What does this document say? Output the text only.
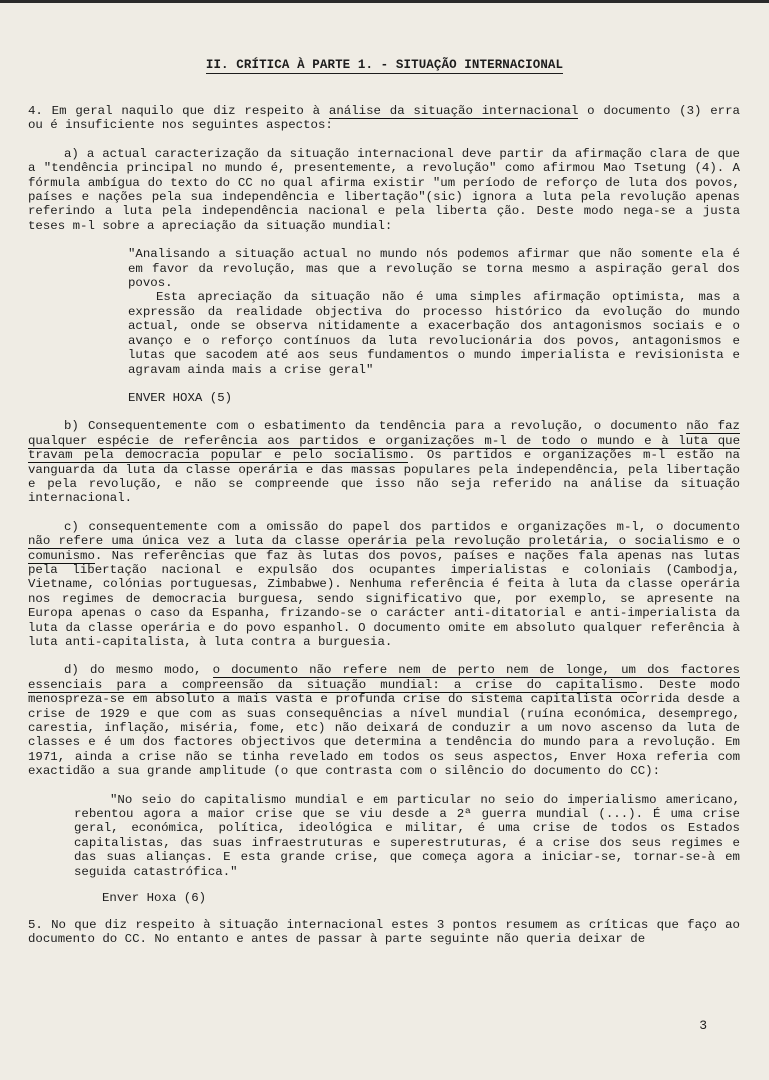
II. CRÍTICA À PARTE 1. - SITUAÇÃO INTERNACIONAL

4. Em geral naquilo que diz respeito à análise da situação internacional o documento (3) erra ou é insuficiente nos seguintes aspectos:

a) a actual caracterização da situação internacional deve partir da afirmação clara de que a "tendência principal no mundo é, presentemente, a revolução" como afirmou Mao Tsetung (4). A fórmula ambígua do texto do CC no qual afirma existir "um período de reforço de luta dos povos, países e nações pela sua independência e libertação"(sic) ignora a luta pela revolução apenas referindo a luta pela independência nacional e pela liberta ção. Deste modo nega-se a justa teses m-l sobre a apreciação da situação mundial:

"Analisando a situação actual no mundo nós podemos afirmar que não somente ela é em favor da revolução, mas que a revolução se torna mesmo a aspiração geral dos povos.

Esta apreciação da situação não é uma simples afirmação optimista, mas a expressão da realidade objectiva do processo histórico da evolução do mundo actual, onde se observa nitidamente a exacerbação dos antagonismos sociais e o avanço e o reforço contínuos da luta revolucionária dos povos, antagonismos e lutas que sacodem até aos seus fundamentos o mundo imperialista e revisionista e agravam ainda mais a crise geral"

ENVER HOXA (5)

b) Consequentemente com o esbatimento da tendência para a revolução, o documento não faz qualquer espécie de referência aos partidos e organizações m-l de todo o mundo e à luta que travam pela democracia popular e pelo socialismo. Os partidos e organizações m-l estão na vanguarda da luta da classe operária e das massas populares pela independência, pela libertação e pela revolução, e não se compreende que isso não seja referido na análise da situação internacional.

c) consequentemente com a omissão do papel dos partidos e organizações m-l, o documento não refere uma única vez a luta da classe operária pela revolução proletária, o socialismo e o comunismo. Nas referências que faz às lutas dos povos, países e nações fala apenas nas lutas pela libertação nacional e expulsão dos ocupantes imperialistas e coloniais (Cambodja, Vietname, colónias portuguesas, Zimbabwe). Nenhuma referência é feita à luta da classe operária nos regimes de democracia burguesa, sendo significativo que, por exemplo, se apresente na Europa apenas o caso da Espanha, frizando-se o carácter anti-ditatorial e anti-imperialista da luta da classe operária e do povo espanhol. O documento omite em absoluto qualquer referência à luta anti-capitalista, à luta contra a burguesia.

d) do mesmo modo, o documento não refere nem de perto nem de longe, um dos factores essenciais para a compreensão da situação mundial: a crise do capitalismo. Deste modo menospreza-se em absoluto a mais vasta e profunda crise do sistema capitalista ocorrida desde a crise de 1929 e que com as suas consequências a nível mundial (ruína económica, desemprego, carestia, inflação, miséria, fome, etc) não deixará de conduzir a um novo ascenso da luta de classes e é um dos factores objectivos que determina a tendência do mundo para a revolução. Em 1971, ainda a crise não se tinha revelado em todos os seus aspectos, Enver Hoxa referia com exactidão a sua grande amplitude (o que contrasta com o silêncio do documento do CC):

"No seio do capitalismo mundial e em particular no seio do imperialismo americano, rebentou agora a maior crise que se viu desde a 2ª guerra mundial (...). É uma crise geral, económica, política, ideológica e militar, é uma crise de todos os Estados capitalistas, das suas infraestruturas e superestruturas, é a crise dos seus regimes e das suas alianças. E esta grande crise, que começa agora a iniciar-se, tornar-se-à em seguida catastrófica."

Enver Hoxa (6)

5. No que diz respeito à situação internacional estes 3 pontos resumem as críticas que faço ao documento do CC. No entanto e antes de passar à parte seguinte não queria deixar de

3
